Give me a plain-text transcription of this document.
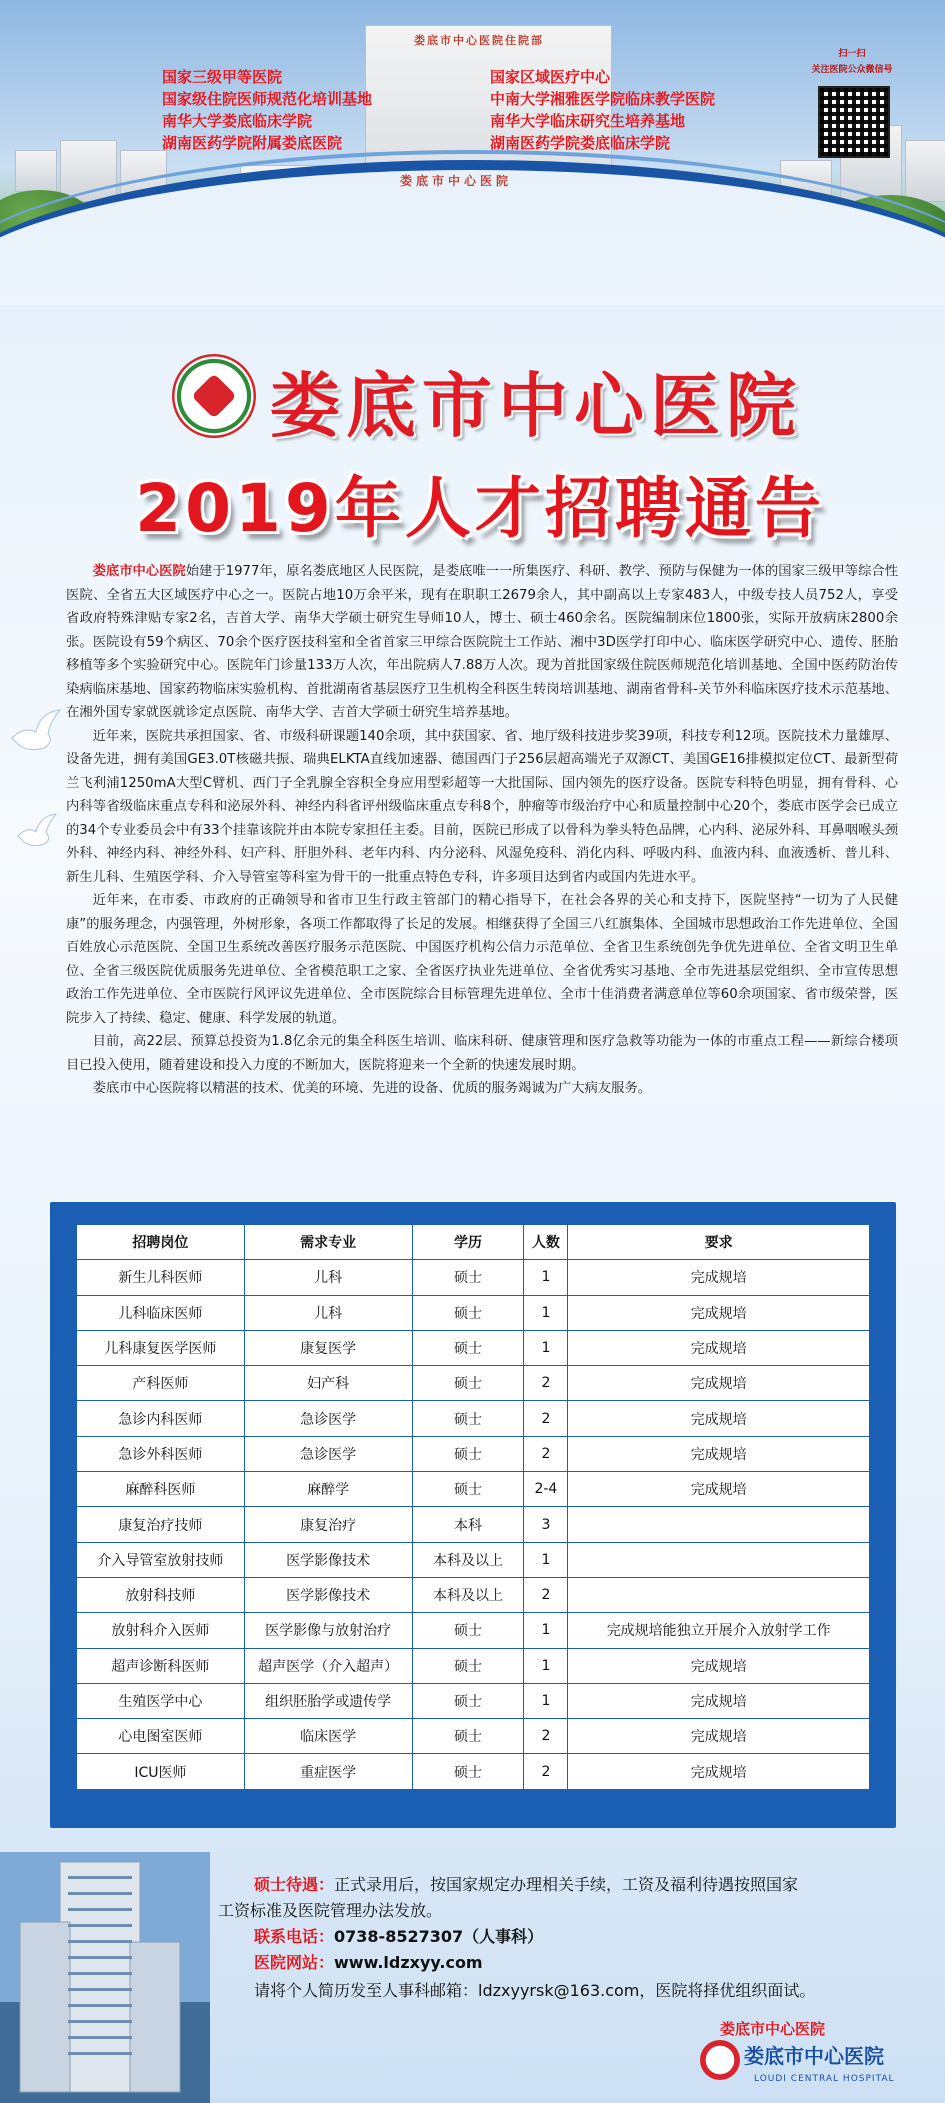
娄底市中心医院住院部
娄底市中心医院
国家三级甲等医院
国家级住院医师规范化培训基地
南华大学娄底临床学院
湖南医药学院附属娄底医院
国家区域医疗中心
中南大学湘雅医学院临床教学医院
南华大学临床研究生培养基地
湖南医药学院娄底临床学院
扫一扫
关注医院公众微信号
娄底市中心医院
2019年人才招聘通告

娄底市中心医院始建于1977年，原名娄底地区人民医院，是娄底唯一一所集医疗、科研、教学、预防与保健为一体的国家三级甲等综合性医院、全省五大区域医疗中心之一。医院占地10万余平米，现有在职职工2679余人，其中副高以上专家483人，中级专技人员752人，享受省政府特殊津贴专家2名，吉首大学、南华大学硕士研究生导师10人，博士、硕士460余名。医院编制床位1800张，实际开放病床2800余张。医院设有59个病区、70余个医疗医技科室和全省首家三甲综合医院院士工作站、湘中3D医学打印中心、临床医学研究中心、遗传、胚胎移植等多个实验研究中心。医院年门诊量133万人次，年出院病人7.88万人次。现为首批国家级住院医师规范化培训基地、全国中医药防治传染病临床基地、国家药物临床实验机构、首批湖南省基层医疗卫生机构全科医生转岗培训基地、湖南省骨科-关节外科临床医疗技术示范基地、在湘外国专家就医就诊定点医院、南华大学、吉首大学硕士研究生培养基地。

近年来，医院共承担国家、省、市级科研课题140余项，其中获国家、省、地厅级科技进步奖39项，科技专利12项。医院技术力量雄厚、设备先进，拥有美国GE3.0T核磁共振、瑞典ELKTA直线加速器、德国西门子256层超高端光子双源CT、美国GE16排模拟定位CT、最新型荷兰飞利浦1250mA大型C臂机、西门子全乳腺全容积全身应用型彩超等一大批国际、国内领先的医疗设备。医院专科特色明显，拥有骨科、心内科等省级临床重点专科和泌尿外科、神经内科省评州级临床重点专科8个，肿瘤等市级治疗中心和质量控制中心20个，娄底市医学会已成立的34个专业委员会中有33个挂靠该院并由本院专家担任主委。目前，医院已形成了以骨科为拳头特色品牌，心内科、泌尿外科、耳鼻咽喉头颈外科、神经内科、神经外科、妇产科、肝胆外科、老年内科、内分泌科、风湿免疫科、消化内科、呼吸内科、血液内科、血液透析、普儿科、新生儿科、生殖医学科、介入导管室等科室为骨干的一批重点特色专科，许多项目达到省内或国内先进水平。

近年来，在市委、市政府的正确领导和省市卫生行政主管部门的精心指导下，在社会各界的关心和支持下，医院坚持“一切为了人民健康”的服务理念，内强管理，外树形象，各项工作都取得了长足的发展。相继获得了全国三八红旗集体、全国城市思想政治工作先进单位、全国百姓放心示范医院、全国卫生系统改善医疗服务示范医院、中国医疗机构公信力示范单位、全省卫生系统创先争优先进单位、全省文明卫生单位、全省三级医院优质服务先进单位、全省模范职工之家、全省医疗执业先进单位、全省优秀实习基地、全市先进基层党组织、全市宣传思想政治工作先进单位、全市医院行风评议先进单位、全市医院综合目标管理先进单位、全市十佳消费者满意单位等60余项国家、省市级荣誉，医院步入了持续、稳定、健康、科学发展的轨道。

目前，高22层、预算总投资为1.8亿余元的集全科医生培训、临床科研、健康管理和医疗急救等功能为一体的市重点工程——新综合楼项目已投入使用，随着建设和投入力度的不断加大，医院将迎来一个全新的快速发展时期。

娄底市中心医院将以精湛的技术、优美的环境、先进的设备、优质的服务竭诚为广大病友服务。

招聘岗位	需求专业	学历	人数	要求
新生儿科医师	儿科	硕士	1	完成规培
儿科临床医师	儿科	硕士	1	完成规培
儿科康复医学医师	康复医学	硕士	1	完成规培
产科医师	妇产科	硕士	2	完成规培
急诊内科医师	急诊医学	硕士	2	完成规培
急诊外科医师	急诊医学	硕士	2	完成规培
麻醉科医师	麻醉学	硕士	2-4	完成规培
康复治疗技师	康复治疗	本科	3	
介入导管室放射技师	医学影像技术	本科及以上	1	
放射科技师	医学影像技术	本科及以上	2	
放射科介入医师	医学影像与放射治疗	硕士	1	完成规培能独立开展介入放射学工作
超声诊断科医师	超声医学（介入超声）	硕士	1	完成规培
生殖医学中心	组织胚胎学或遗传学	硕士	1	完成规培
心电图室医师	临床医学	硕士	2	完成规培
ICU医师	重症医学	硕士	2	完成规培
硕士待遇：正式录用后，按国家规定办理相关手续，工资及福利待遇按照国家
工资标准及医院管理办法发放。
联系电话：0738-8527307（人事科）
医院网站：www.ldzxyy.com
请将个人简历发至人事科邮箱：ldzxyyrsk@163.com，医院将择优组织面试。
娄底市中心医院
娄底市中心医院
LOUDI CENTRAL HOSPITAL
